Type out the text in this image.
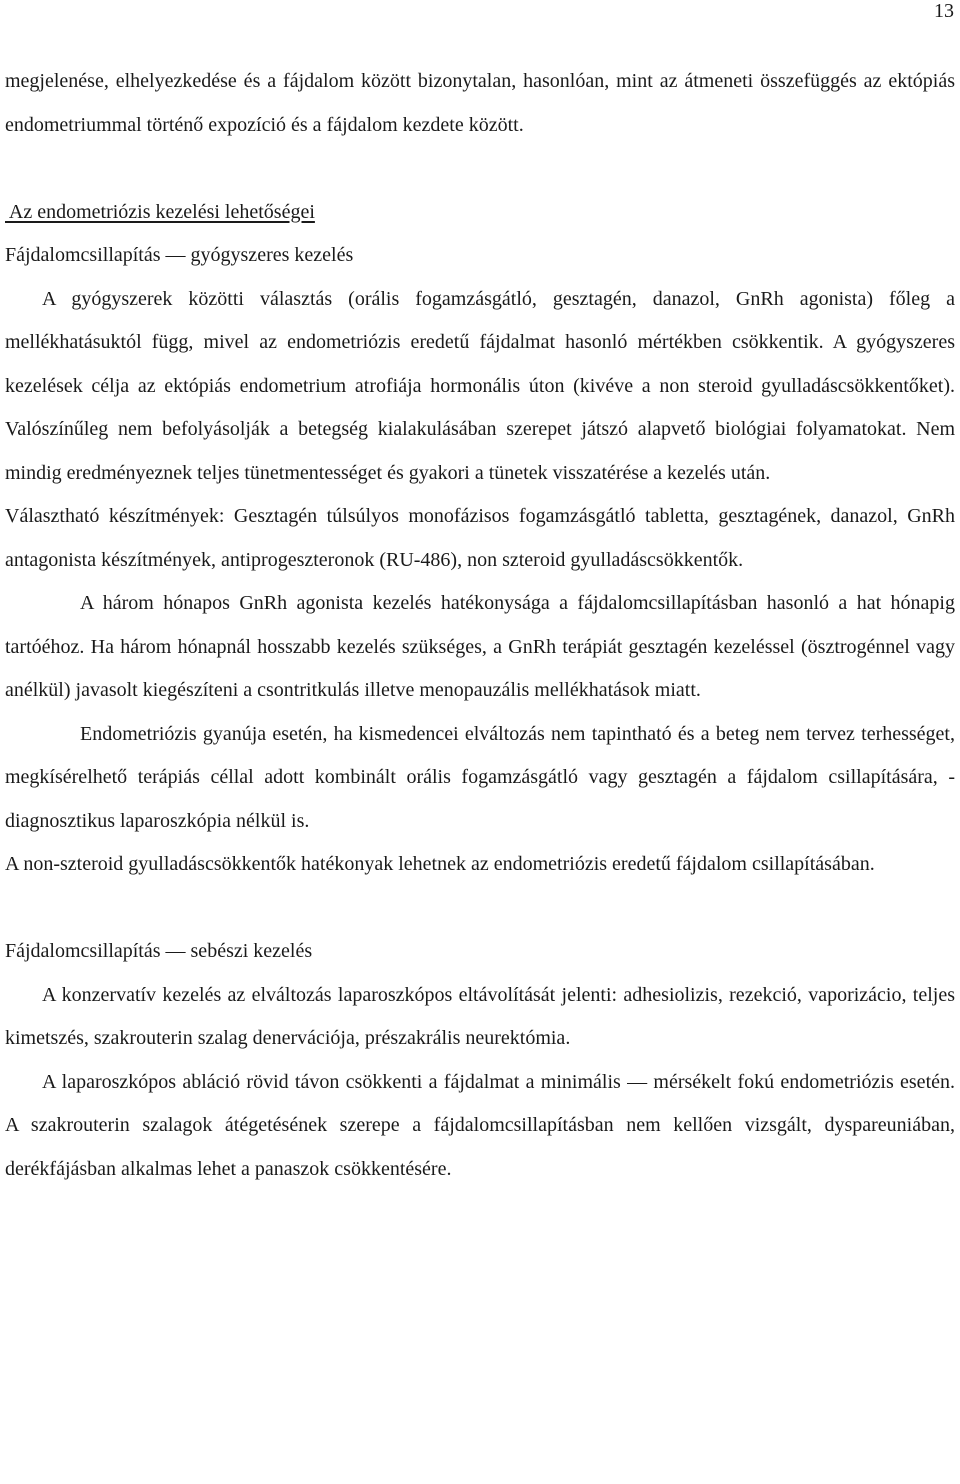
13

megjelenése, elhelyezkedése és a fájdalom között bizonytalan, hasonlóan, mint az átmeneti összefüggés az ektópiás endometriummal történő expozíció és a fájdalom kezdete között.

Az endometriózis kezelési lehetőségei

Fájdalomcsillapítás — gyógyszeres kezelés

A gyógyszerek közötti választás (orális fogamzásgátló, gesztagén, danazol, GnRh agonista) főleg a mellékhatásuktól függ, mivel az endometriózis eredetű fájdalmat hasonló mértékben csökkentik. A gyógyszeres kezelések célja az ektópiás endometrium atrofiája hormonális úton (kivéve a non steroid gyulladáscsökkentőket). Valószínűleg nem befolyásolják a betegség kialakulásában szerepet játszó alapvető biológiai folyamatokat. Nem mindig eredményeznek teljes tünetmentességet és gyakori a tünetek visszatérése a kezelés után.

Választható készítmények: Gesztagén túlsúlyos monofázisos fogamzásgátló tabletta, gesztagének, danazol, GnRh antagonista készítmények, antiprogeszteronok (RU-486), non szteroid gyulladáscsökkentők.

A három hónapos GnRh agonista kezelés hatékonysága a fájdalomcsillapításban hasonló a hat hónapig tartóéhoz. Ha három hónapnál hosszabb kezelés szükséges, a GnRh terápiát gesztagén kezeléssel (ösztrogénnel vagy anélkül) javasolt kiegészíteni a csontritkulás illetve menopauzális mellékhatások miatt.

Endometriózis gyanúja esetén, ha kismedencei elváltozás nem tapintható és a beteg nem tervez terhességet, megkísérelhető terápiás céllal adott kombinált orális fogamzásgátló vagy gesztagén a fájdalom csillapítására, - diagnosztikus laparoszkópia nélkül is.

A non-szteroid gyulladáscsökkentők hatékonyak lehetnek az endometriózis eredetű fájdalom csillapításában.

Fájdalomcsillapítás — sebészi kezelés

A konzervatív kezelés az elváltozás laparoszkópos eltávolítását jelenti: adhesiolizis, rezekció, vaporizácio, teljes kimetszés, szakrouterin szalag denervációja, prészakrális neurektómia.

A laparoszkópos abláció rövid távon csökkenti a fájdalmat a minimális — mérsékelt fokú endometriózis esetén. A szakrouterin szalagok átégetésének szerepe a fájdalomcsillapításban nem kellően vizsgált, dyspareuniában, derékfájásban alkalmas lehet a panaszok csökkentésére.
